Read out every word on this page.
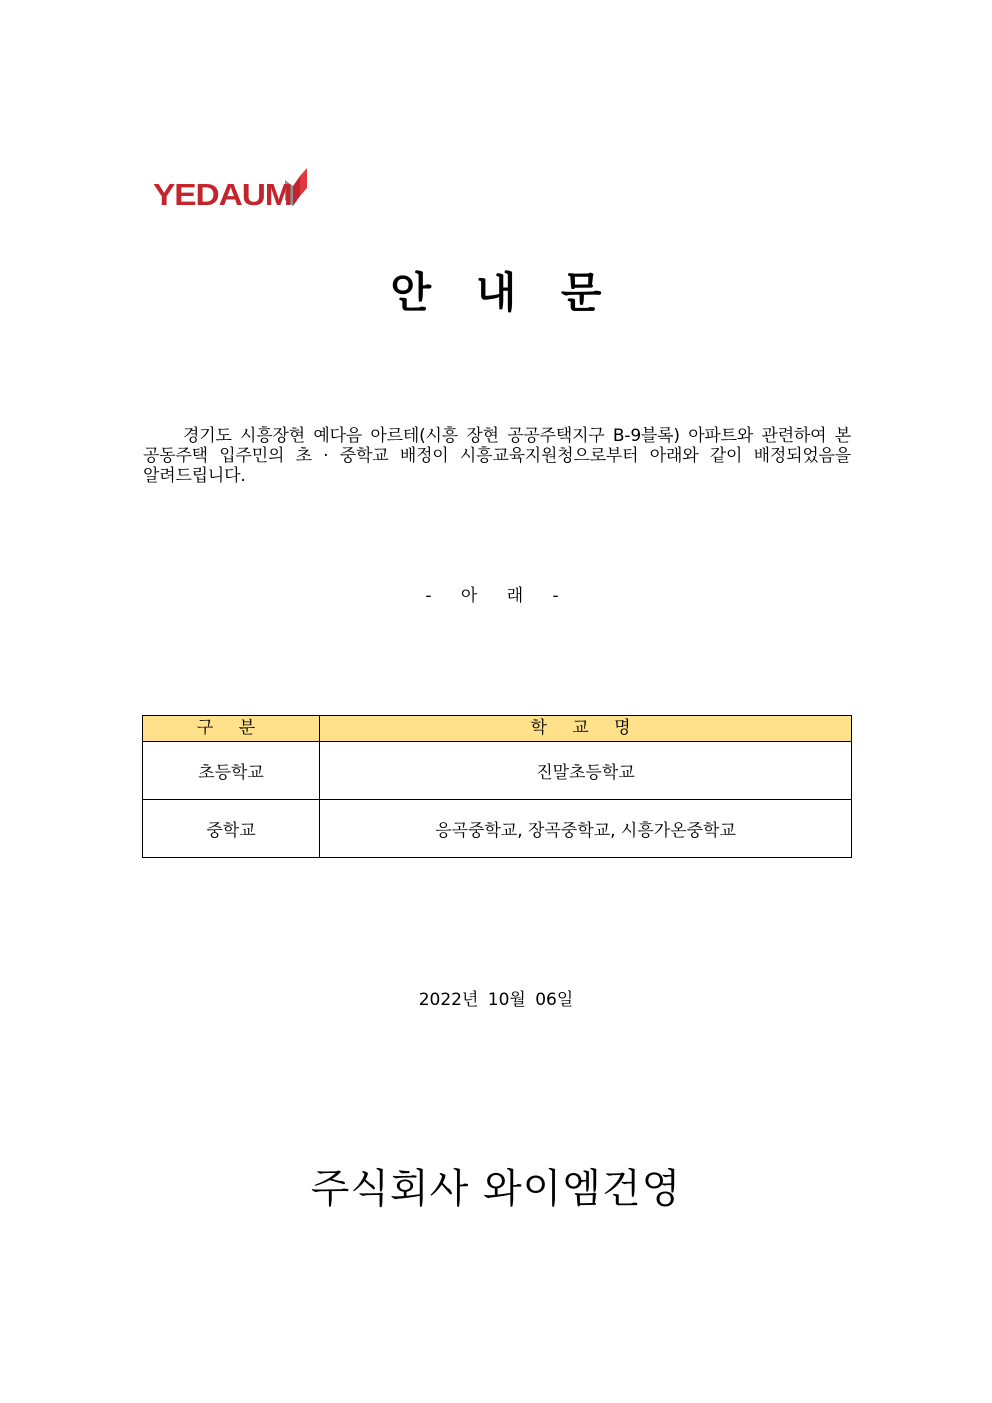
YEDAUM
안 내 문
경기도 시흥장현 예다음 아르테(시흥 장현 공공주택지구 B-9블록) 아파트와 관련하여 본 공동주택 입주민의 초 · 중학교 배정이 시흥교육지원청으로부터 아래와 같이 배정되었음을 알려드립니다.
- 아 래 -
구 분	학 교 명
초등학교	진말초등학교
중학교	응곡중학교, 장곡중학교, 시흥가온중학교
2022년 10월 06일
주식회사 와이엠건영
